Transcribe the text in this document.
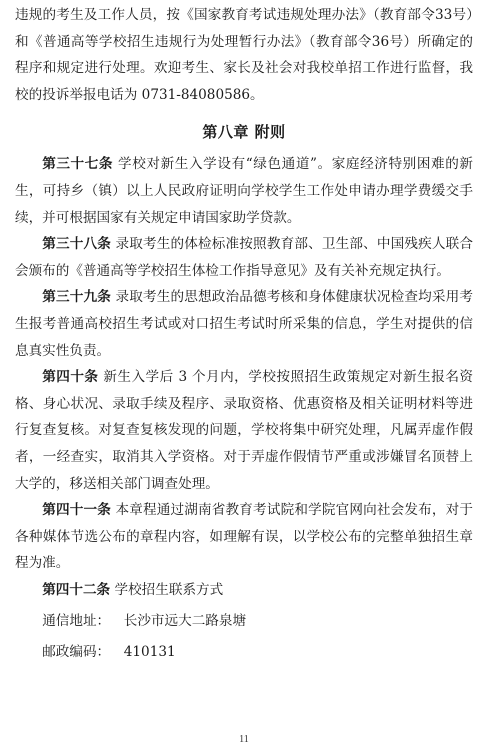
违规的考生及工作人员，按《国家教育考试违规处理办法》（教育部令33号）和《普通高等学校招生违规行为处理暂行办法》（教育部令36号）所确定的程序和规定进行处理。欢迎考生、家长及社会对我校单招工作进行监督，我校的投诉举报电话为 0731-84080586。

第八章 附则

第三十七条 学校对新生入学设有“绿色通道”。家庭经济特别困难的新生，可持乡（镇）以上人民政府证明向学校学生工作处申请办理学费缓交手续，并可根据国家有关规定申请国家助学贷款。

第三十八条 录取考生的体检标准按照教育部、卫生部、中国残疾人联合会颁布的《普通高等学校招生体检工作指导意见》及有关补充规定执行。

第三十九条 录取考生的思想政治品德考核和身体健康状况检查均采用考生报考普通高校招生考试或对口招生考试时所采集的信息，学生对提供的信息真实性负责。

第四十条 新生入学后 3 个月内，学校按照招生政策规定对新生报名资格、身心状况、录取手续及程序、录取资格、优惠资格及相关证明材料等进行复查复核。对复查复核发现的问题，学校将集中研究处理，凡属弄虚作假者，一经查实，取消其入学资格。对于弄虚作假情节严重或涉嫌冒名顶替上大学的，移送相关部门调查处理。

第四十一条 本章程通过湖南省教育考试院和学院官网向社会发布，对于各种媒体节选公布的章程内容，如理解有误，以学校公布的完整单独招生章程为准。

第四十二条 学校招生联系方式

通信地址： 长沙市远大二路泉塘
邮政编码： 410131
11
